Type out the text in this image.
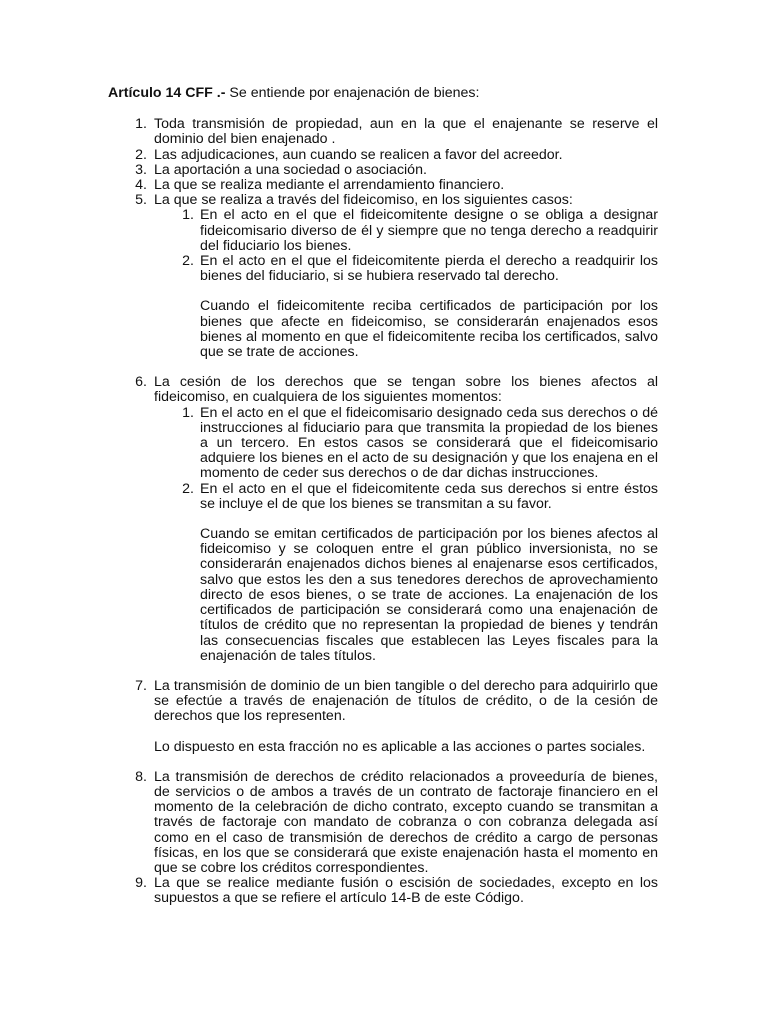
Artículo 14 CFF .- Se entiende por enajenación de bienes:

1. Toda transmisión de propiedad, aun en la que el enajenante se reserve el dominio del bien enajenado .
2. Las adjudicaciones, aun cuando se realicen a favor del acreedor.
3. La aportación a una sociedad o asociación.
4. La que se realiza mediante el arrendamiento financiero.
5. La que se realiza a través del fideicomiso, en los siguientes casos:
1. En el acto en el que el fideicomitente designe o se obliga a designar fideicomisario diverso de él y siempre que no tenga derecho a readquirir del fiduciario los bienes.
2. En el acto en el que el fideicomitente pierda el derecho a readquirir los bienes del fiduciario, si se hubiera reservado tal derecho.

Cuando el fideicomitente reciba certificados de participación por los bienes que afecte en fideicomiso, se considerarán enajenados esos bienes al momento en que el fideicomitente reciba los certificados, salvo que se trate de acciones.

6. La cesión de los derechos que se tengan sobre los bienes afectos al fideicomiso, en cualquiera de los siguientes momentos:
1. En el acto en el que el fideicomisario designado ceda sus derechos o dé instrucciones al fiduciario para que transmita la propiedad de los bienes a un tercero. En estos casos se considerará que el fideicomisario adquiere los bienes en el acto de su designación y que los enajena en el momento de ceder sus derechos o de dar dichas instrucciones.
2. En el acto en el que el fideicomitente ceda sus derechos si entre éstos se incluye el de que los bienes se transmitan a su favor.

Cuando se emitan certificados de participación por los bienes afectos al fideicomiso y se coloquen entre el gran público inversionista, no se considerarán enajenados dichos bienes al enajenarse esos certificados, salvo que estos les den a sus tenedores derechos de aprovechamiento directo de esos bienes, o se trate de acciones. La enajenación de los certificados de participación se considerará como una enajenación de títulos de crédito que no representan la propiedad de bienes y tendrán las consecuencias fiscales que establecen las Leyes fiscales para la enajenación de tales títulos.

7. La transmisión de dominio de un bien tangible o del derecho para adquirirlo que se efectúe a través de enajenación de títulos de crédito, o de la cesión de derechos que los representen.

Lo dispuesto en esta fracción no es aplicable a las acciones o partes sociales.

8. La transmisión de derechos de crédito relacionados a proveeduría de bienes, de servicios o de ambos a través de un contrato de factoraje financiero en el momento de la celebración de dicho contrato, excepto cuando se transmitan a través de factoraje con mandato de cobranza o con cobranza delegada así como en el caso de transmisión de derechos de crédito a cargo de personas físicas, en los que se considerará que existe enajenación hasta el momento en que se cobre los créditos correspondientes.
9. La que se realice mediante fusión o escisión de sociedades, excepto en los supuestos a que se refiere el artículo 14-B de este Código.
